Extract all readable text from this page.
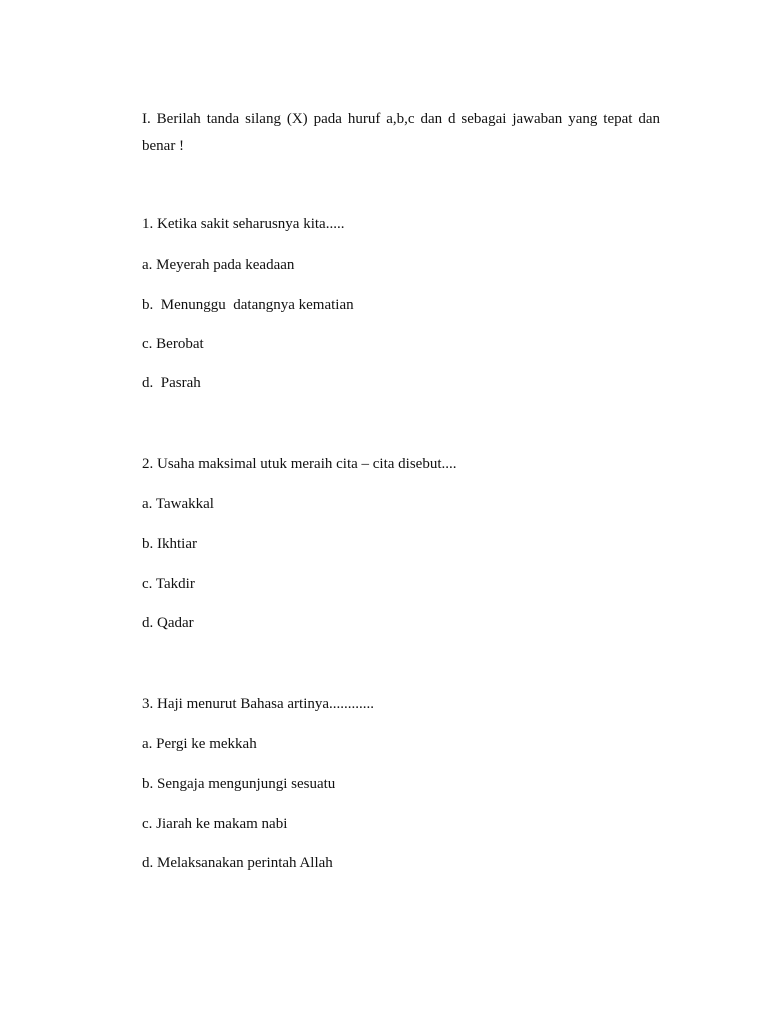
I. Berilah tanda silang (X) pada huruf a,b,c dan d sebagai jawaban yang tepat dan benar !

1. Ketika sakit seharusnya kita.....

a. Meyerah pada keadaan

b.  Menunggu  datangnya kematian

c. Berobat

d.  Pasrah

2. Usaha maksimal utuk meraih cita – cita disebut....

a. Tawakkal

b. Ikhtiar

c. Takdir

d. Qadar

3. Haji menurut Bahasa artinya............

a. Pergi ke mekkah

b. Sengaja mengunjungi sesuatu

c. Jiarah ke makam nabi

d. Melaksanakan perintah Allah
